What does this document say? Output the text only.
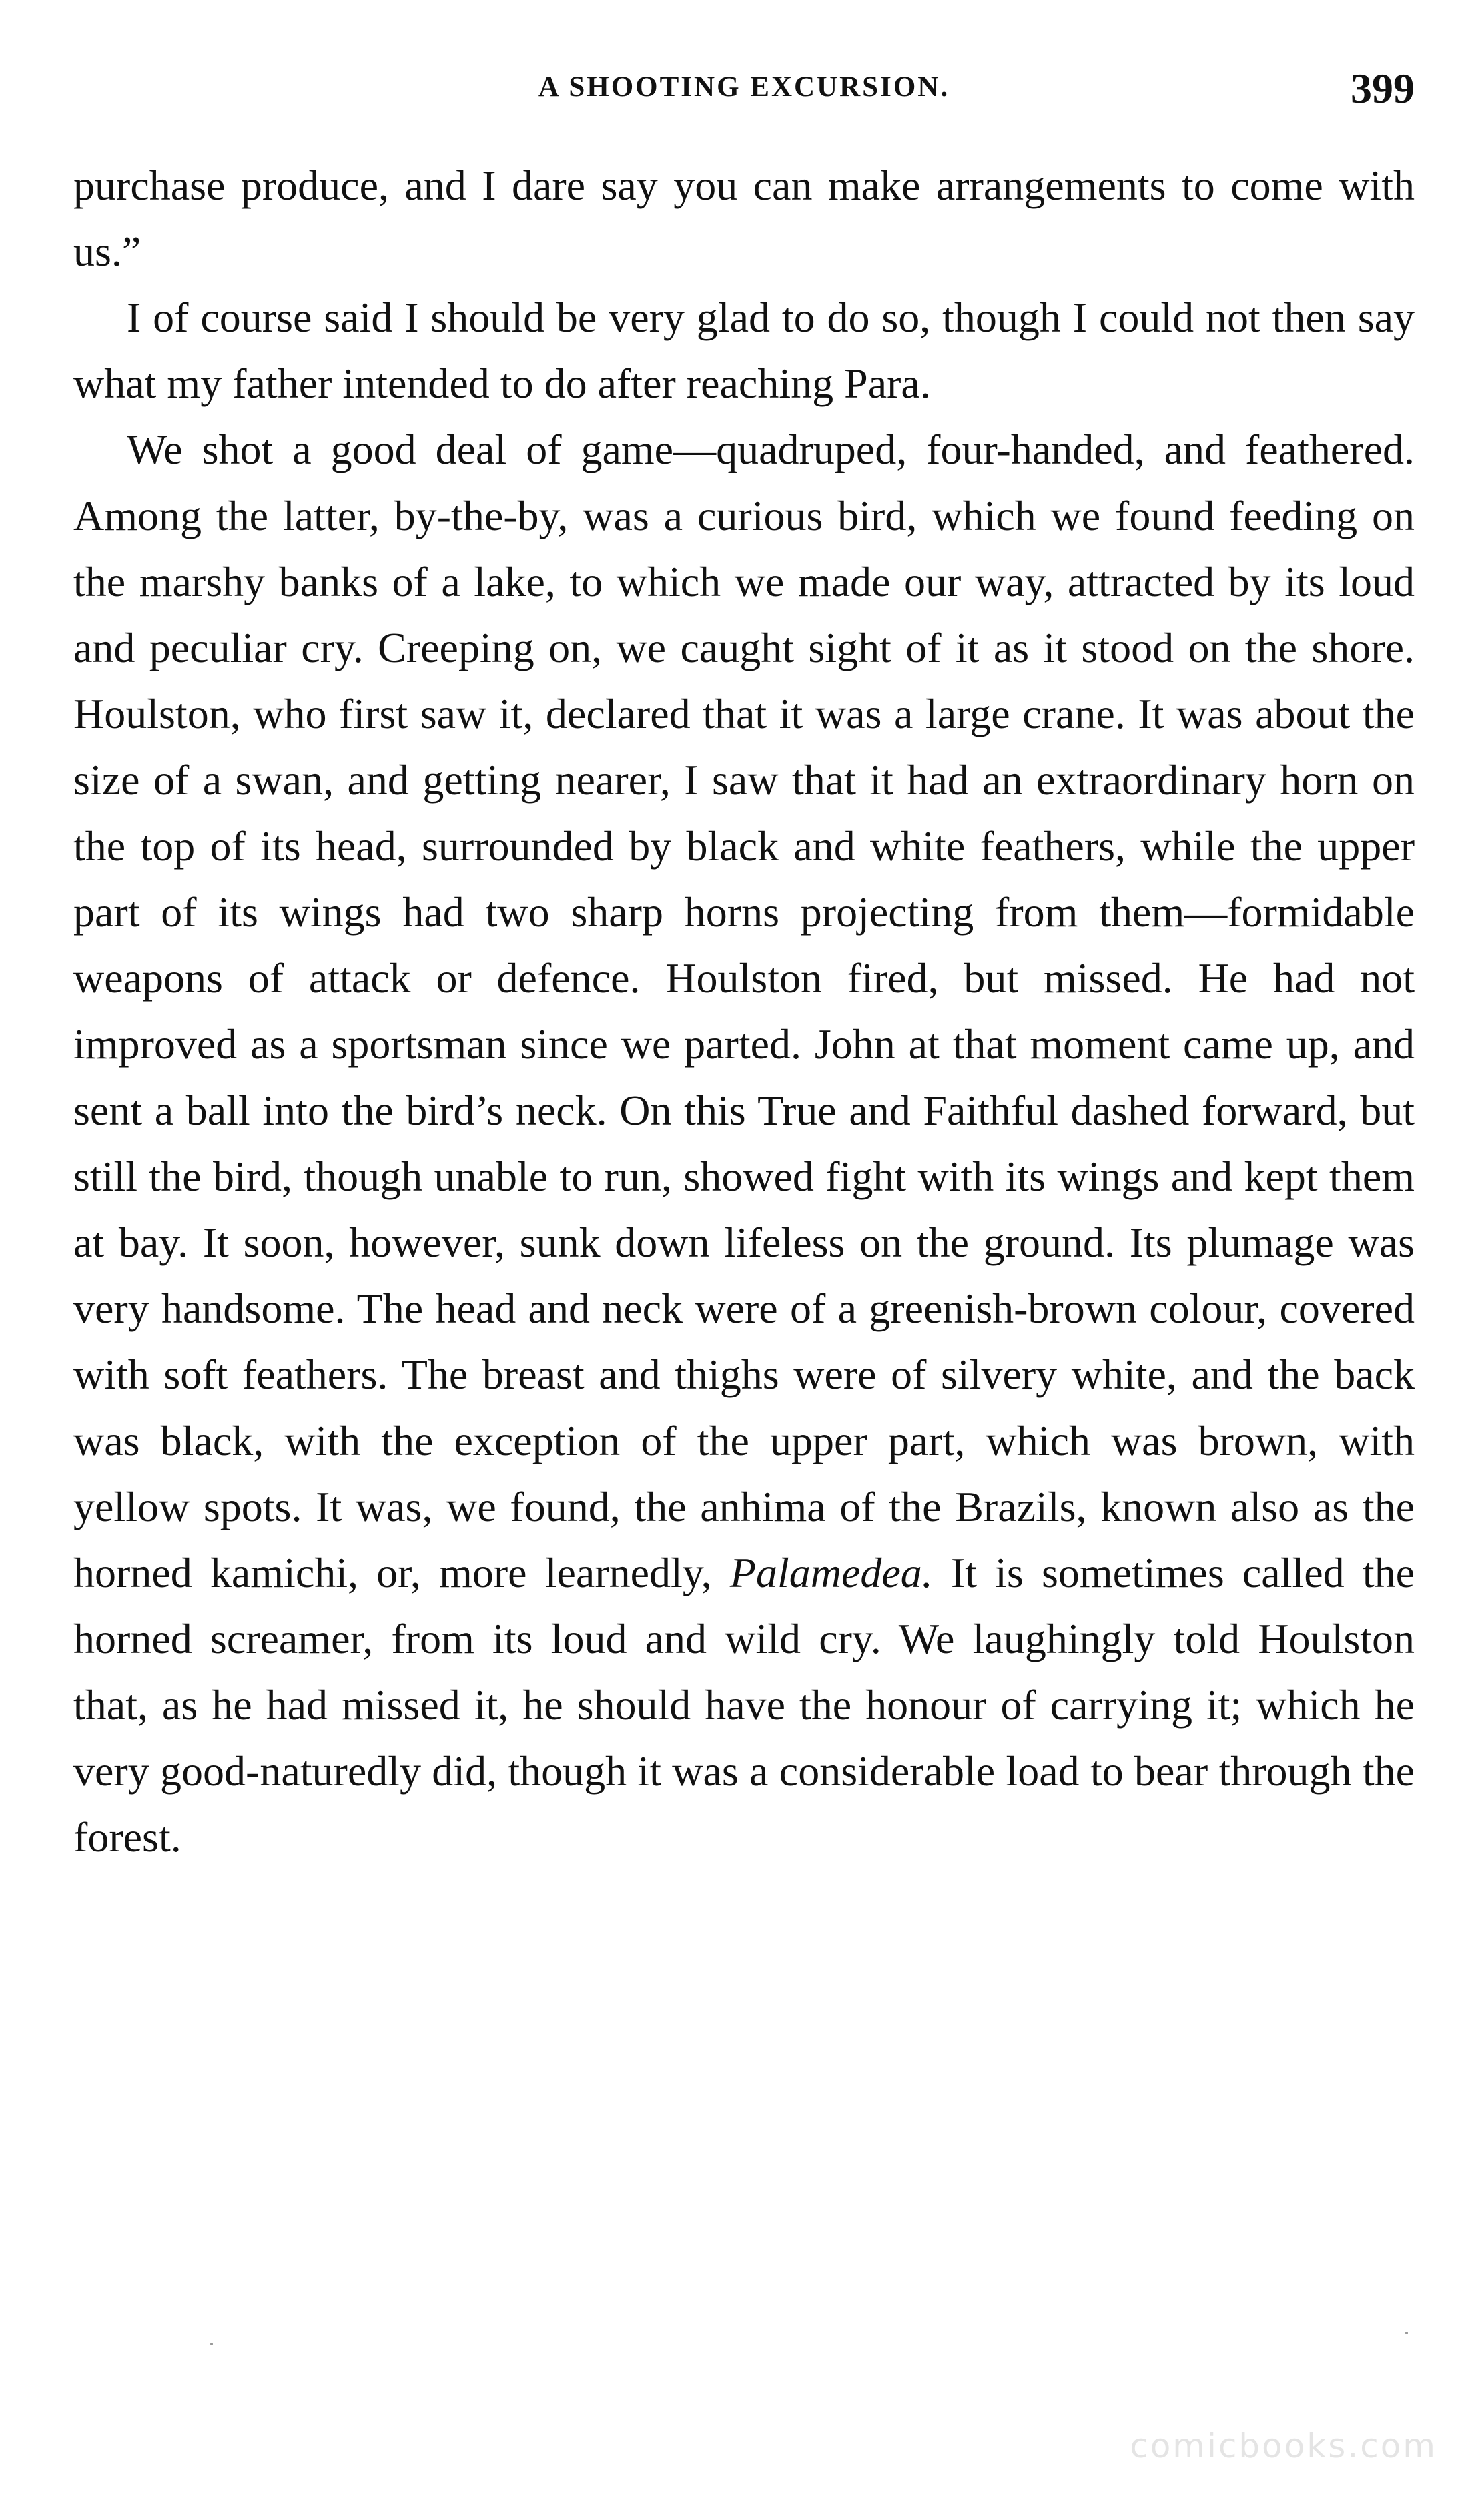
A SHOOTING EXCURSION.	399

purchase produce, and I dare say you can make arrangements to come with us.”

I of course said I should be very glad to do so, though I could not then say what my father intended to do after reaching Para.

We shot a good deal of game—quadruped, four-handed, and feathered. Among the latter, by-the-by, was a curious bird, which we found feeding on the marshy banks of a lake, to which we made our way, attracted by its loud and peculiar cry. Creeping on, we caught sight of it as it stood on the shore. Houlston, who first saw it, declared that it was a large crane. It was about the size of a swan, and getting nearer, I saw that it had an extraordinary horn on the top of its head, surrounded by black and white feathers, while the upper part of its wings had two sharp horns projecting from them—formidable weapons of attack or defence. Houlston fired, but missed. He had not improved as a sportsman since we parted. John at that moment came up, and sent a ball into the bird’s neck. On this True and Faithful dashed forward, but still the bird, though unable to run, showed fight with its wings and kept them at bay. It soon, however, sunk down lifeless on the ground. Its plumage was very handsome. The head and neck were of a greenish-brown colour, covered with soft feathers. The breast and thighs were of silvery white, and the back was black, with the exception of the upper part, which was brown, with yellow spots. It was, we found, the anhima of the Brazils, known also as the horned kamichi, or, more learnedly, Palamedea. It is sometimes called the horned screamer, from its loud and wild cry. We laughingly told Houlston that, as he had missed it, he should have the honour of carrying it; which he very good-naturedly did, though it was a considerable load to bear through the forest.

comicbooks.com
